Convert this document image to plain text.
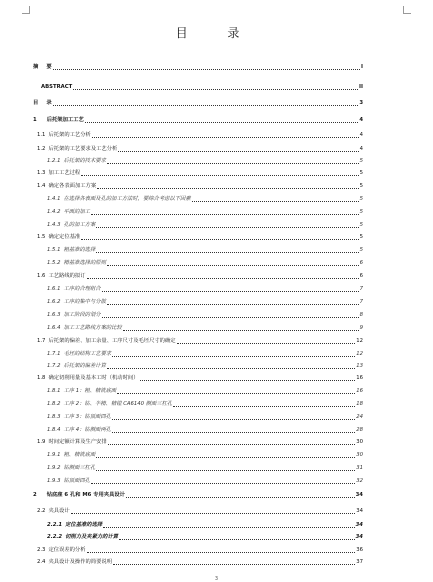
目 录
摘 要	I
ABSTRACT	II
目 录	3
1 后托架加工工艺	4
1.1 后托架的工艺分析	4
1.2 后托架的工艺要求及工艺分析	4
1.2.1 后托架的技术要求	5
1.3 加工工艺过程	5
1.4 确定各表面加工方案	5
1.4.1 在选择各表面及孔的加工方法时，要综合考虑以下因素	5
1.4.2 平面的加工	5
1.4.3 孔的加工方案	5
1.5 确定定位基准	5
1.5.1 粗基准的选择	5
1.5.2 精基准选择的原则	6
1.6 工艺路线的拟订	6
1.6.1 工序的合理组合	7
1.6.2 工序的集中与分散	7
1.6.3 加工阶段的划分	8
1.6.4 加工工艺路线方案的比较	9
1.7 后托架的偏差、加工余量、工序尺寸及毛坯尺寸的确定	12
1.7.1 毛坯的结构工艺要求	12
1.7.2 后托架的偏差计算	13
1.8 确定切削用量及基本工时（机动时间）	16
1.8.1 工序 1：粗、精铣底面	16
1.8.2 工序 2：钻、半精、精镗 CA6140 侧面三杠孔	18
1.8.3 工序 3：钻顶面四孔	24
1.8.4 工序 4：钻侧面两孔	28
1.9 时间定额计算及生产安排	30
1.9.1 粗、精铣底面	30
1.9.2 钻侧面三杠孔	31
1.9.3 钻顶面四孔	32
2 钻底座 6 孔和 M6 专用夹具设计	34
2.2 夹具设计	34
2.2.1 定位基准的选择	34
2.2.2 切削力及夹紧力的计算	34
2.3 定位误差的分析	36
2.4 夹具设计及操作的简要说明	37
3
